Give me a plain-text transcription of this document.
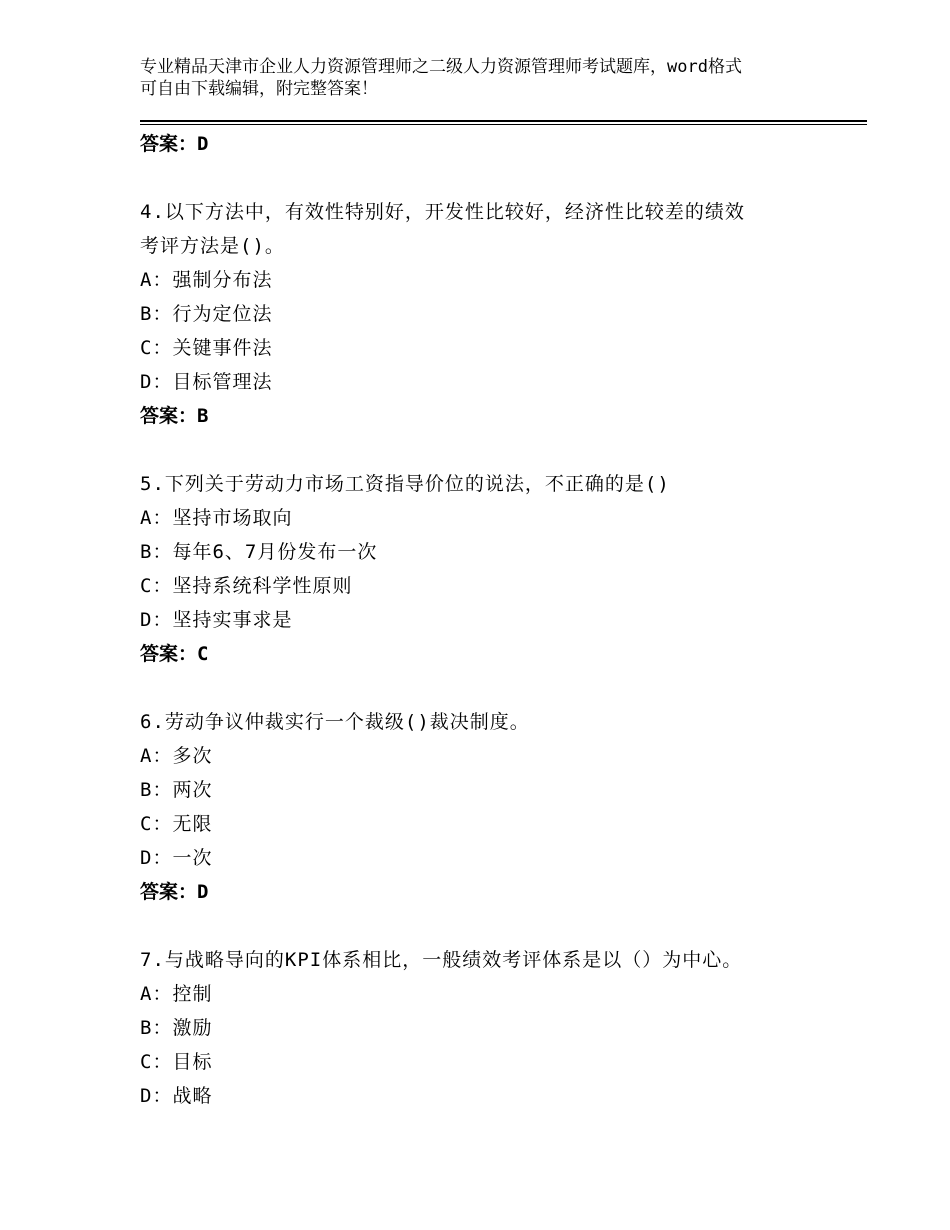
专业精品天津市企业人力资源管理师之二级人力资源管理师考试题库，word格式
可自由下载编辑，附完整答案！
答案：D
4.以下方法中，有效性特别好，开发性比较好，经济性比较差的绩效
考评方法是()。
A：强制分布法
B：行为定位法
C：关键事件法
D：目标管理法
答案：B
5.下列关于劳动力市场工资指导价位的说法，不正确的是()
A：坚持市场取向
B：每年6、7月份发布一次
C：坚持系统科学性原则
D：坚持实事求是
答案：C
6.劳动争议仲裁实行一个裁级()裁决制度。
A：多次
B：两次
C：无限
D：一次
答案：D
7.与战略导向的KPI体系相比，一般绩效考评体系是以（）为中心。
A：控制
B：激励
C：目标
D：战略
